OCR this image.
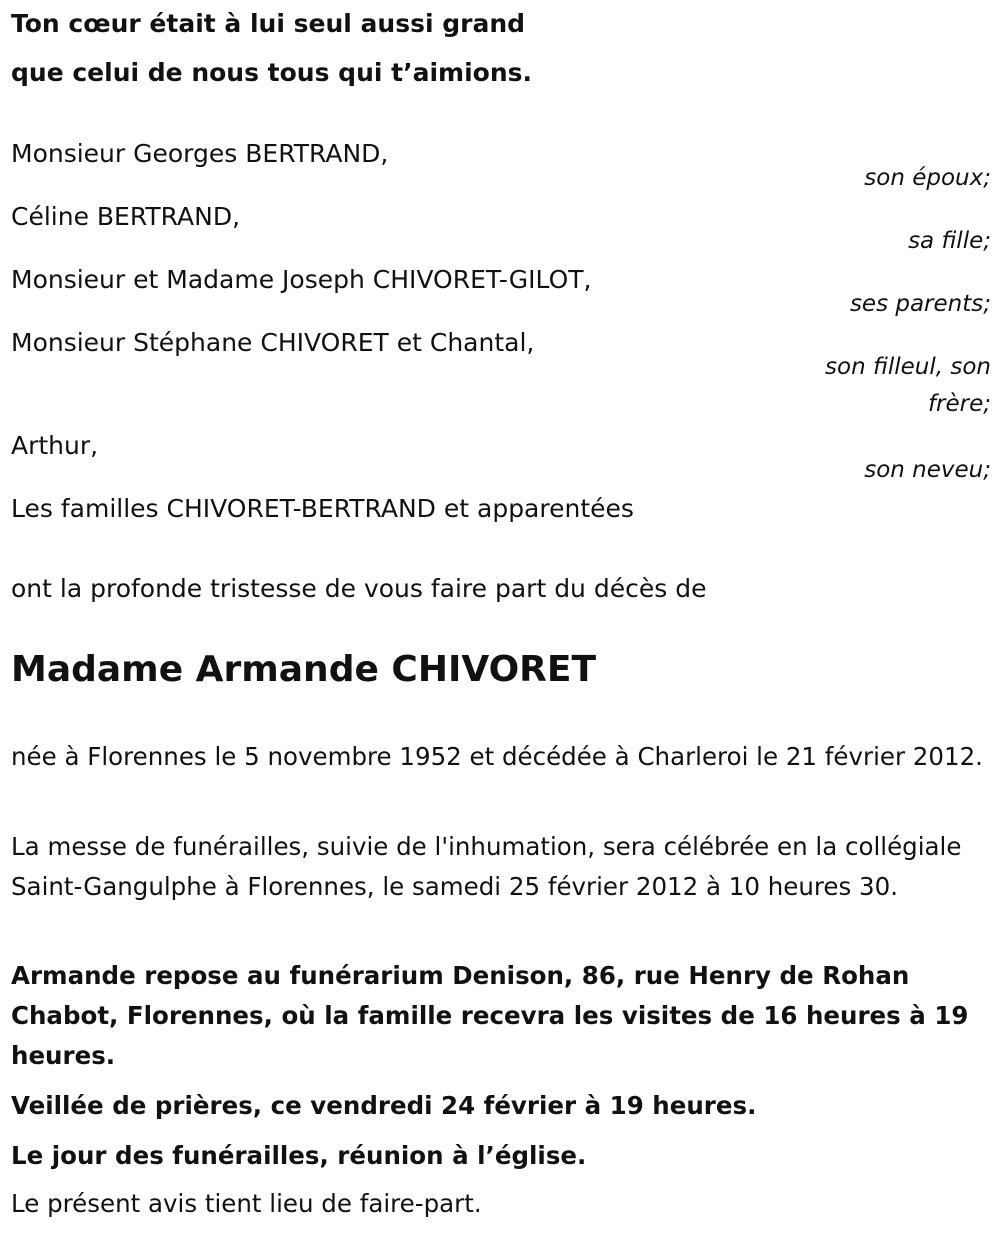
Ton cœur était à lui seul aussi grand
que celui de nous tous qui t’aimions.
Monsieur Georges BERTRAND,
son époux;
Céline BERTRAND,
sa fille;
Monsieur et Madame Joseph CHIVORET-GILOT,
ses parents;
Monsieur Stéphane CHIVORET et Chantal,
son filleul, son frère;
Arthur,
son neveu;
Les familles CHIVORET-BERTRAND et apparentées
ont la profonde tristesse de vous faire part du décès de
Madame Armande CHIVORET
née à Florennes le 5 novembre 1952 et décédée à Charleroi le 21 février 2012.
La messe de funérailles, suivie de l'inhumation, sera célébrée en la collégiale Saint-Gangulphe à Florennes, le samedi 25 février 2012 à 10 heures 30.
Armande repose au funérarium Denison, 86, rue Henry de Rohan Chabot, Florennes, où la famille recevra les visites de 16 heures à 19 heures.
Veillée de prières, ce vendredi 24 février à 19 heures.
Le jour des funérailles, réunion à l’église.
Le présent avis tient lieu de faire-part.
